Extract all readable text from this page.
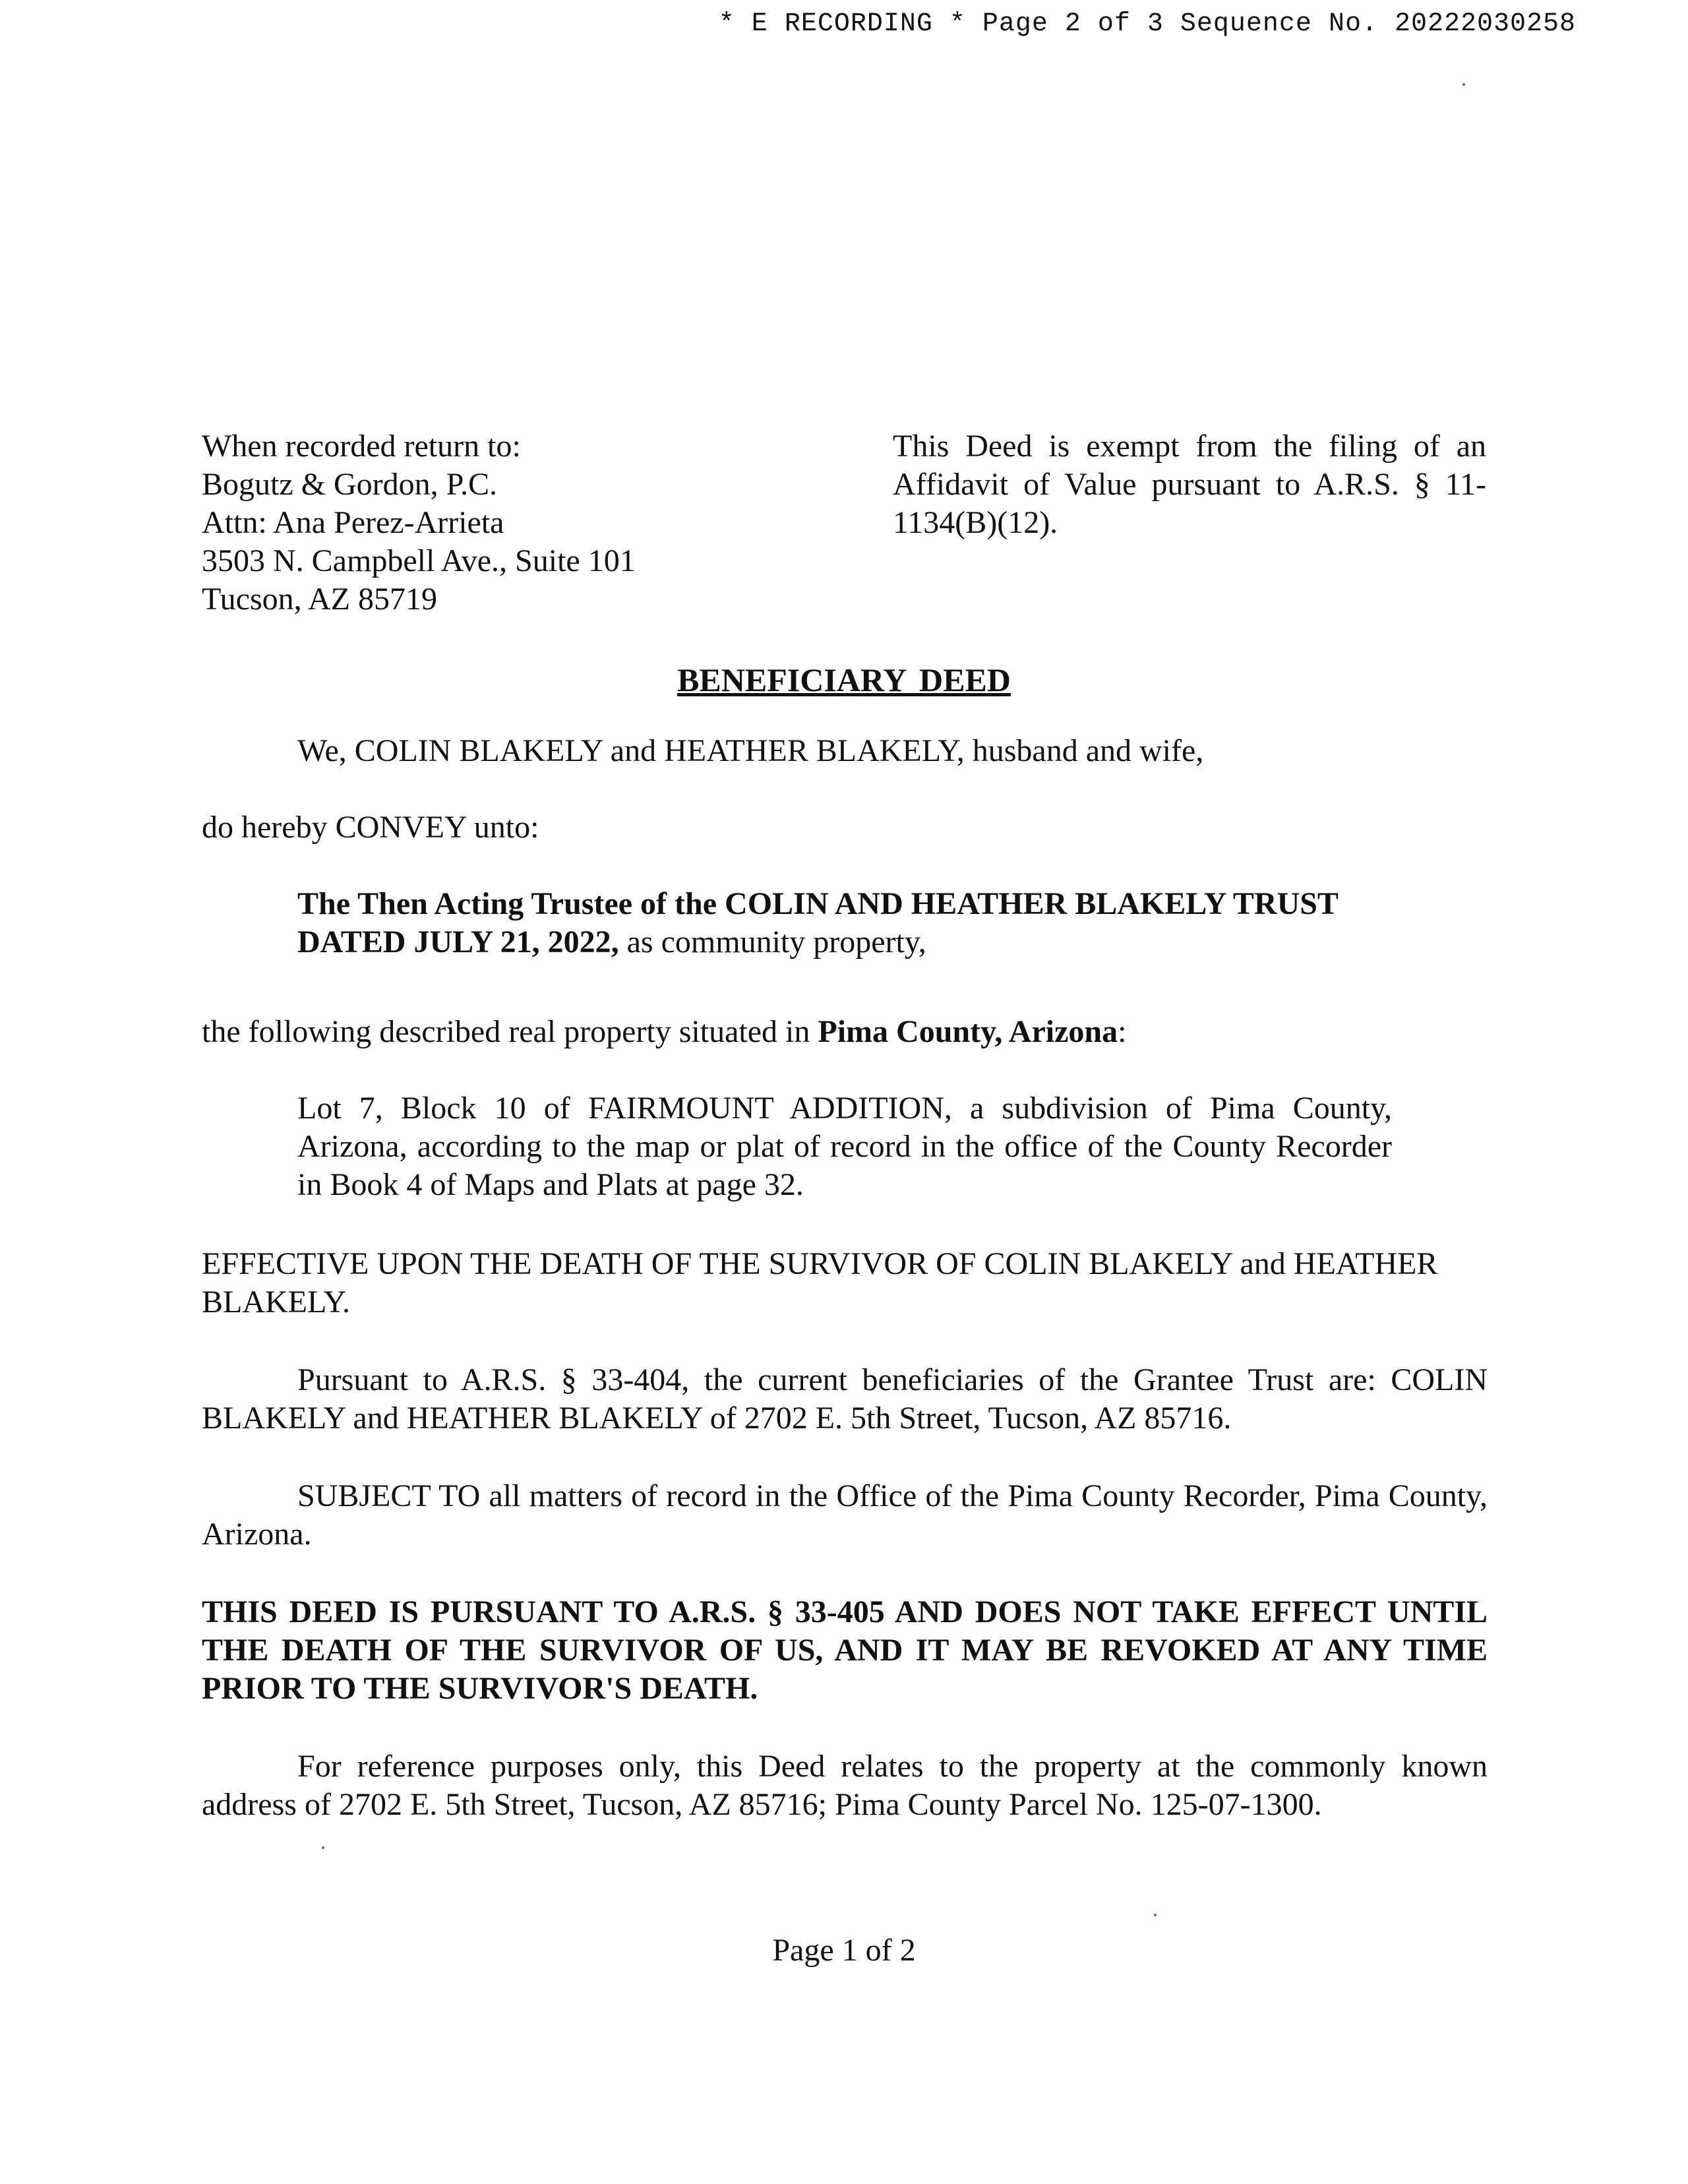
* E RECORDING * Page 2 of 3 Sequence No. 20222030258
When recorded return to:
Bogutz & Gordon, P.C.
Attn: Ana Perez-Arrieta
3503 N. Campbell Ave., Suite 101
Tucson, AZ 85719
This Deed is exempt from the filing of an Affidavit of Value pursuant to A.R.S. § 11-1134(B)(12).
BENEFICIARY DEED
We, COLIN BLAKELY and HEATHER BLAKELY, husband and wife,
do hereby CONVEY unto:
The Then Acting Trustee of the COLIN AND HEATHER BLAKELY TRUST DATED JULY 21, 2022, as community property,
the following described real property situated in Pima County, Arizona:
Lot 7, Block 10 of FAIRMOUNT ADDITION, a subdivision of Pima County, Arizona, according to the map or plat of record in the office of the County Recorder in Book 4 of Maps and Plats at page 32.
EFFECTIVE UPON THE DEATH OF THE SURVIVOR OF COLIN BLAKELY and HEATHER BLAKELY.
Pursuant to A.R.S. § 33-404, the current beneficiaries of the Grantee Trust are: COLIN BLAKELY and HEATHER BLAKELY of 2702 E. 5th Street, Tucson, AZ 85716.
SUBJECT TO all matters of record in the Office of the Pima County Recorder, Pima County, Arizona.
THIS DEED IS PURSUANT TO A.R.S. § 33-405 AND DOES NOT TAKE EFFECT UNTIL THE DEATH OF THE SURVIVOR OF US, AND IT MAY BE REVOKED AT ANY TIME PRIOR TO THE SURVIVOR'S DEATH.
For reference purposes only, this Deed relates to the property at the commonly known address of 2702 E. 5th Street, Tucson, AZ 85716; Pima County Parcel No. 125-07-1300.
Page 1 of 2
